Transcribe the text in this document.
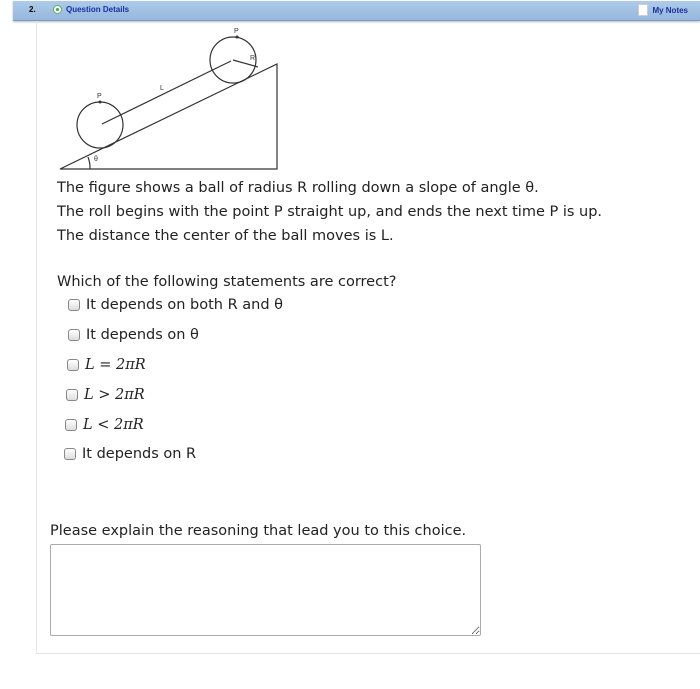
2.	Question Details	My Notes
P
P
R
L
θ
The figure shows a ball of radius R rolling down a slope of angle θ.
The roll begins with the point P straight up, and ends the next time P is up.
The distance the center of the ball moves is L.
Which of the following statements are correct?
It depends on both R and θ
It depends on θ
L = 2πR
L > 2πR
L < 2πR
It depends on R
Please explain the reasoning that lead you to this choice.
